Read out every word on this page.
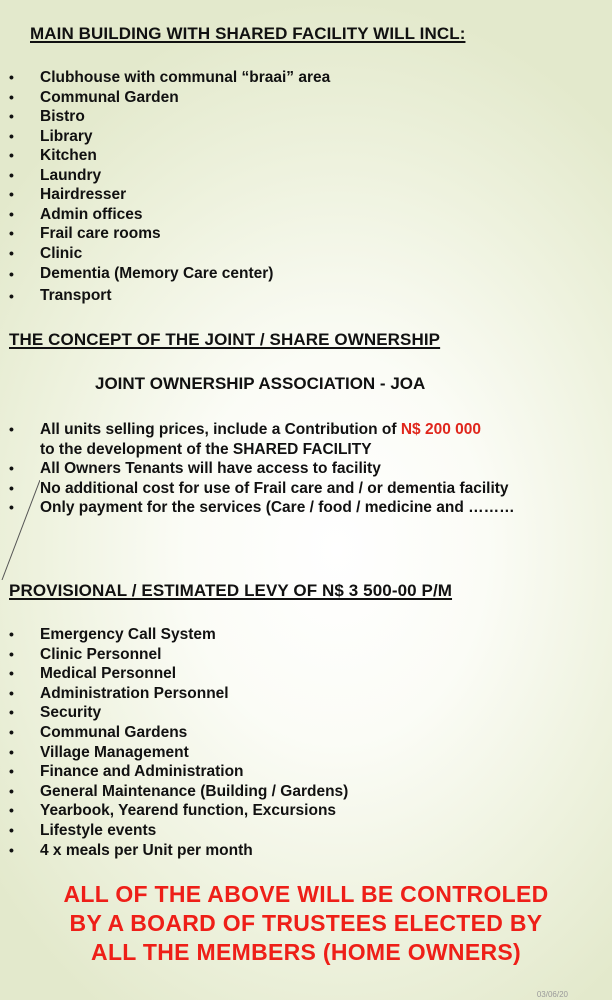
MAIN BUILDING WITH SHARED FACILITY WILL INCL:
• Clubhouse with communal “braai” area
• Communal Garden
• Bistro
• Library
• Kitchen
• Laundry
• Hairdresser
• Admin offices
• Frail care rooms
• Clinic
• Dementia (Memory Care center)
• Transport
THE CONCEPT OF THE JOINT / SHARE OWNERSHIP
JOINT OWNERSHIP ASSOCIATION - JOA
• All units selling prices, include a Contribution of N$ 200 000
to the development of the SHARED FACILITY
• All Owners Tenants will have access to facility
• No additional cost for use of Frail care and / or dementia facility
• Only payment for the services (Care / food / medicine and ………
PROVISIONAL / ESTIMATED LEVY OF N$ 3 500-00 P/M
• Emergency Call System
• Clinic Personnel
• Medical Personnel
• Administration Personnel
• Security
• Communal Gardens
• Village Management
• Finance and Administration
• General Maintenance (Building / Gardens)
• Yearbook, Yearend function, Excursions
• Lifestyle events
• 4 x meals per Unit per month
ALL OF THE ABOVE WILL BE CONTROLED
BY A BOARD OF TRUSTEES ELECTED BY
ALL THE MEMBERS (HOME OWNERS)
03/06/20
